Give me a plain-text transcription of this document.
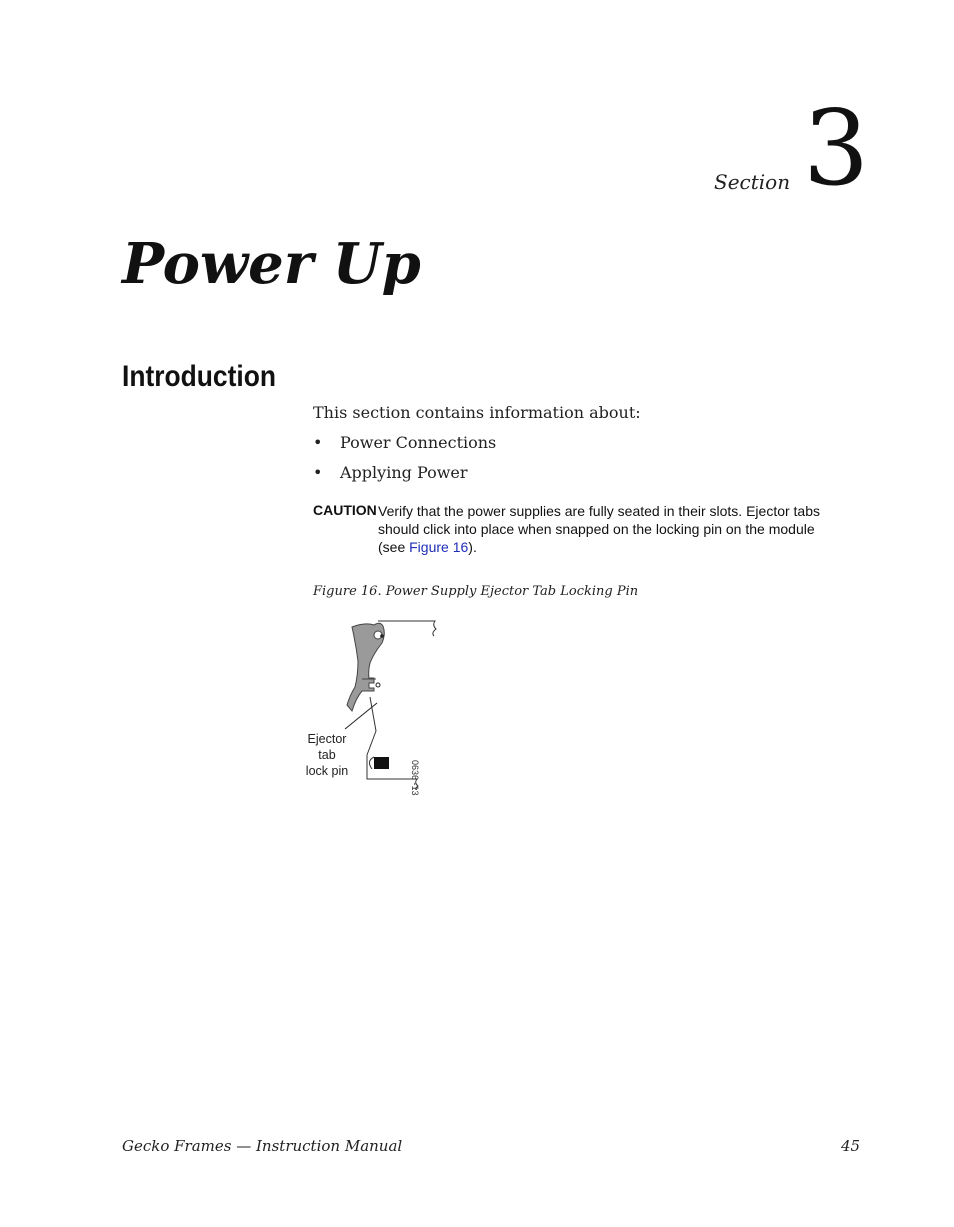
Section 3
Power Up
Introduction
This section contains information about:
•	Power Connections
•	Applying Power
CAUTION Verify that the power supplies are fully seated in their slots. Ejector tabs should click into place when snapped on the locking pin on the module (see Figure 16).
Figure 16. Power Supply Ejector Tab Locking Pin
Ejector
tab
lock pin	0636 -13
Gecko Frames — Instruction Manual	45
